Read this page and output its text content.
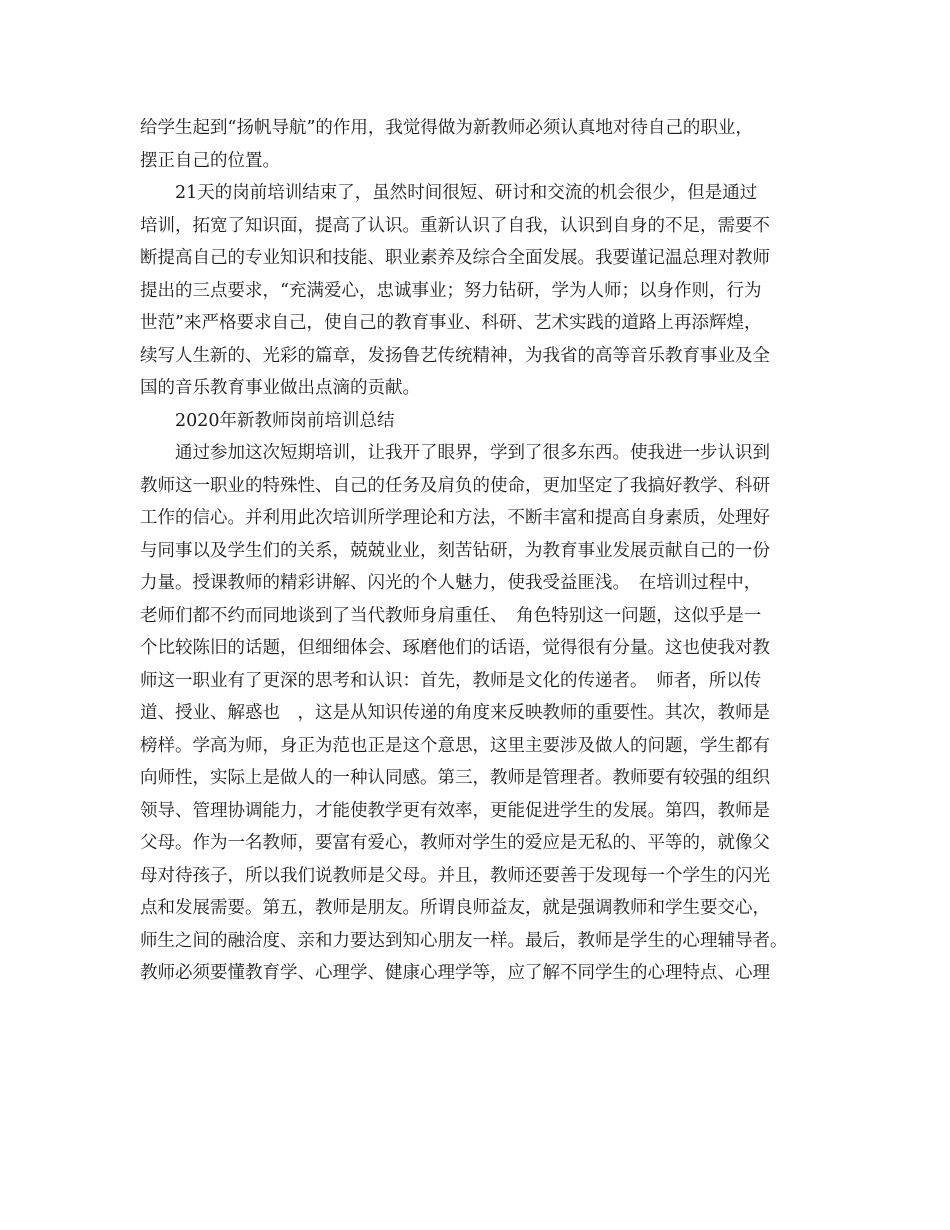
给学生起到“扬帆导航”的作用，我觉得做为新教师必须认真地对待自己的职业，
摆正自己的位置。
21天的岗前培训结束了，虽然时间很短、研讨和交流的机会很少，但是通过
培训，拓宽了知识面，提高了认识。重新认识了自我，认识到自身的不足，需要不
断提高自己的专业知识和技能、职业素养及综合全面发展。我要谨记温总理对教师
提出的三点要求，“充满爱心，忠诚事业；努力钻研，学为人师；以身作则，行为
世范”来严格要求自己，使自己的教育事业、科研、艺术实践的道路上再添辉煌，
续写人生新的、光彩的篇章，发扬鲁艺传统精神，为我省的高等音乐教育事业及全
国的音乐教育事业做出点滴的贡献。
2020年新教师岗前培训总结
通过参加这次短期培训，让我开了眼界，学到了很多东西。使我进一步认识到
教师这一职业的特殊性、自己的任务及肩负的使命，更加坚定了我搞好教学、科研
工作的信心。并利用此次培训所学理论和方法，不断丰富和提高自身素质，处理好
与同事以及学生们的关系，兢兢业业，刻苦钻研，为教育事业发展贡献自己的一份
力量。授课教师的精彩讲解、闪光的个人魅力，使我受益匪浅。　在培训过程中，
老师们都不约而同地谈到了当代教师身肩重任、　角色特别这一问题，这似乎是一
个比较陈旧的话题，但细细体会、琢磨他们的话语，觉得很有分量。这也使我对教
师这一职业有了更深的思考和认识：首先，教师是文化的传递者。　师者，所以传
道、授业、解惑也　，这是从知识传递的角度来反映教师的重要性。其次，教师是
榜样。学高为师，身正为范也正是这个意思，这里主要涉及做人的问题，学生都有
向师性，实际上是做人的一种认同感。第三，教师是管理者。教师要有较强的组织
领导、管理协调能力，才能使教学更有效率，更能促进学生的发展。第四，教师是
父母。作为一名教师，要富有爱心，教师对学生的爱应是无私的、平等的，就像父
母对待孩子，所以我们说教师是父母。并且，教师还要善于发现每一个学生的闪光
点和发展需要。第五，教师是朋友。所谓良师益友，就是强调教师和学生要交心，
师生之间的融洽度、亲和力要达到知心朋友一样。最后，教师是学生的心理辅导者。
教师必须要懂教育学、心理学、健康心理学等，应了解不同学生的心理特点、心理
